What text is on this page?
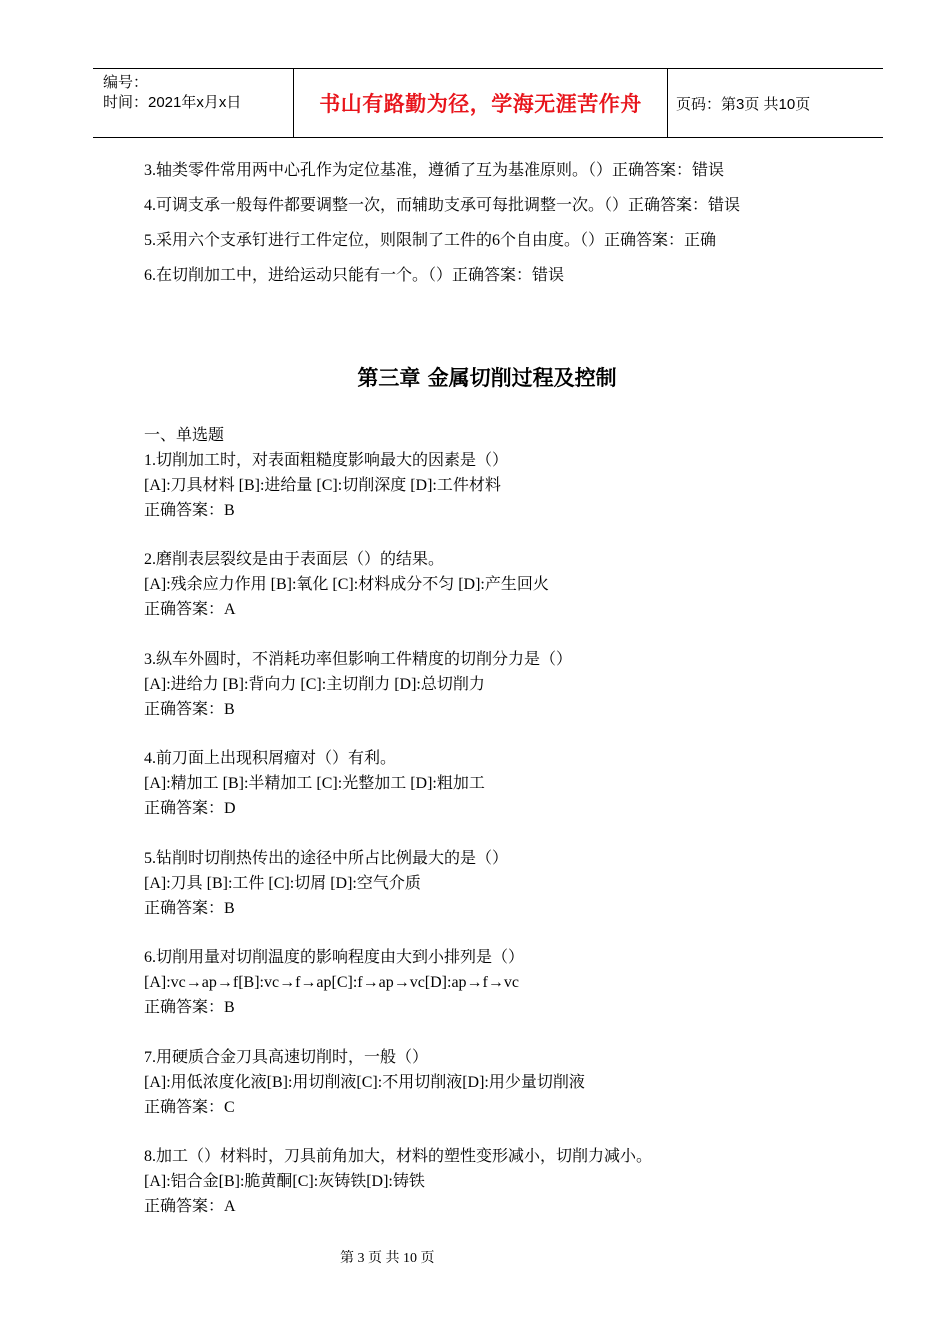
编号：
时间：2021年x月x日	书山有路勤为径，学海无涯苦作舟	页码：第3页 共10页
3.轴类零件常用两中心孔作为定位基准，遵循了互为基准原则。（）正确答案：错误
4.可调支承一般每件都要调整一次，而辅助支承可每批调整一次。（）正确答案：错误
5.采用六个支承钉进行工件定位，则限制了工件的6个自由度。（）正确答案：正确
6.在切削加工中，进给运动只能有一个。（）正确答案：错误
第三章 金属切削过程及控制
一、单选题
1.切削加工时，对表面粗糙度影响最大的因素是（）
[A]:刀具材料 [B]:进给量 [C]:切削深度 [D]:工件材料
正确答案：B
2.磨削表层裂纹是由于表面层（）的结果。
[A]:残余应力作用 [B]:氧化 [C]:材料成分不匀 [D]:产生回火
正确答案：A
3.纵车外圆时，不消耗功率但影响工件精度的切削分力是（）
[A]:进给力 [B]:背向力 [C]:主切削力 [D]:总切削力
正确答案：B
4.前刀面上出现积屑瘤对（）有利。
[A]:精加工 [B]:半精加工 [C]:光整加工 [D]:粗加工
正确答案：D
5.钻削时切削热传出的途径中所占比例最大的是（）
[A]:刀具 [B]:工件 [C]:切屑 [D]:空气介质
正确答案：B
6.切削用量对切削温度的影响程度由大到小排列是（）
[A]:vc→ap→f[B]:vc→f→ap[C]:f→ap→vc[D]:ap→f→vc
正确答案：B
7.用硬质合金刀具高速切削时，一般（）
[A]:用低浓度化液[B]:用切削液[C]:不用切削液[D]:用少量切削液
正确答案：C
8.加工（）材料时，刀具前角加大，材料的塑性变形减小，切削力减小。
[A]:铝合金[B]:脆黄酮[C]:灰铸铁[D]:铸铁
正确答案：A
第 3 页 共 10 页
